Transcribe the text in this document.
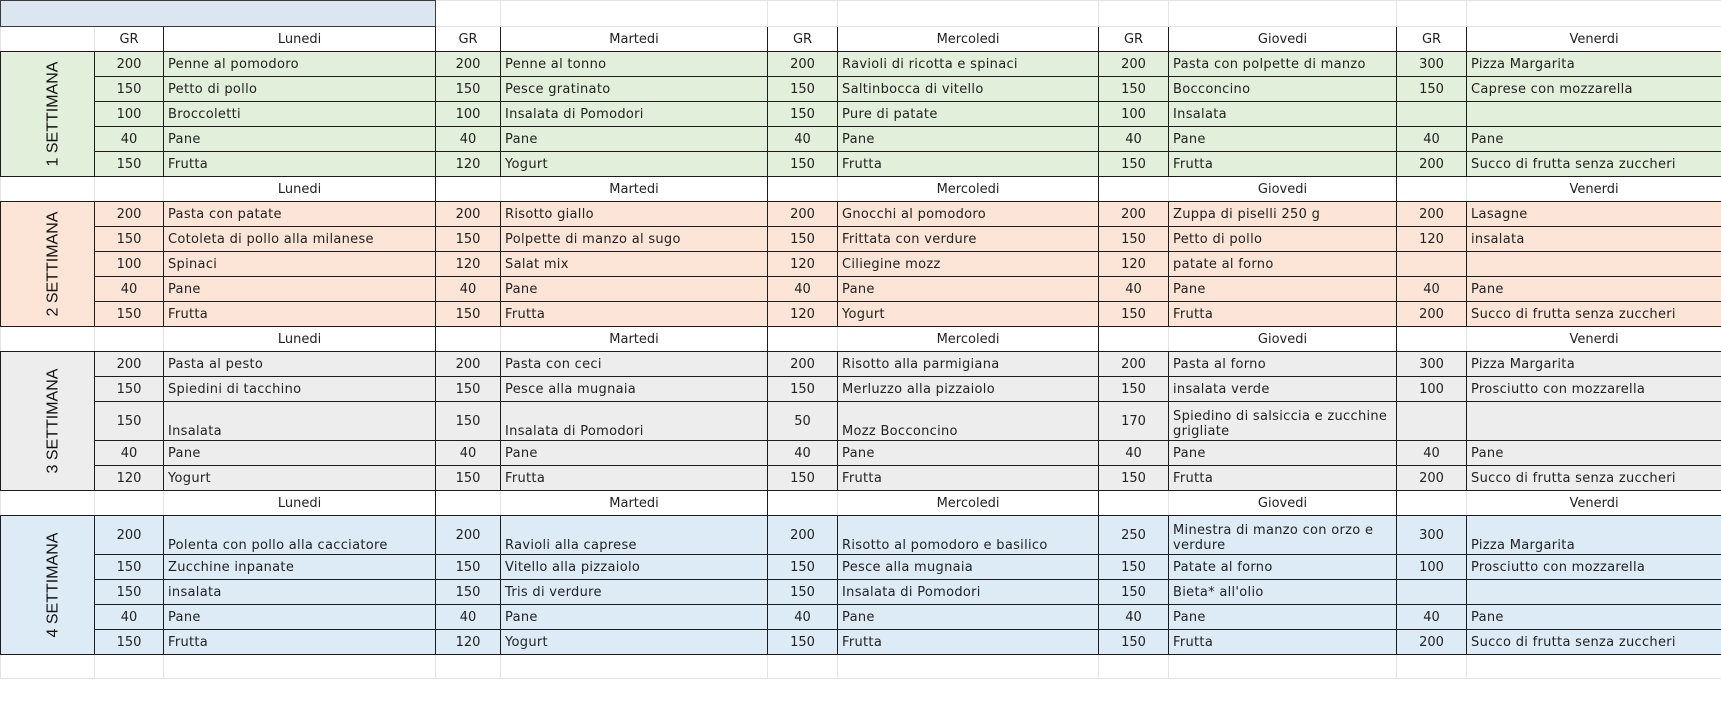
	GR	Lunedi	GR	Martedi	GR	Mercoledi	GR	Giovedi	GR	Venerdi
1 SETTIMANA	200	Penne al pomodoro	200	Penne al tonno	200	Ravioli di ricotta e spinaci	200	Pasta con polpette di manzo	300	Pizza Margarita
	150	Petto di pollo	150	Pesce gratinato	150	Saltinbocca di vitello	150	Bocconcino	150	Caprese con mozzarella
	100	Broccoletti	100	Insalata di Pomodori	150	Pure di patate	100	Insalata		
	40	Pane	40	Pane	40	Pane	40	Pane	40	Pane
	150	Frutta	120	Yogurt	150	Frutta	150	Frutta	200	Succo di frutta senza zuccheri
		Lunedi		Martedi		Mercoledi		Giovedi		Venerdi
2 SETTIMANA	200	Pasta con patate	200	Risotto giallo	200	Gnocchi al pomodoro	200	Zuppa di piselli 250 g	200	Lasagne
	150	Cotoleta di pollo alla milanese	150	Polpette di manzo al sugo	150	Frittata con verdure	150	Petto di pollo	120	insalata
	100	Spinaci	120	Salat mix	120	Ciliegine mozz	120	patate al forno		
	40	Pane	40	Pane	40	Pane	40	Pane	40	Pane
	150	Frutta	150	Frutta	120	Yogurt	150	Frutta	200	Succo di frutta senza zuccheri
		Lunedi		Martedi		Mercoledi		Giovedi		Venerdi
3 SETTIMANA	200	Pasta al pesto	200	Pasta con ceci	200	Risotto alla parmigiana	200	Pasta al forno	300	Pizza Margarita
	150	Spiedini di tacchino	150	Pesce alla mugnaia	150	Merluzzo alla pizzaiolo	150	insalata verde	100	Prosciutto con mozzarella
	150	Insalata	150	Insalata di Pomodori	50	Mozz Bocconcino	170	Spiedino di salsiccia e zucchine grigliate		
	40	Pane	40	Pane	40	Pane	40	Pane	40	Pane
	120	Yogurt	150	Frutta	150	Frutta	150	Frutta	200	Succo di frutta senza zuccheri
		Lunedi		Martedi		Mercoledi		Giovedi		Venerdi
4 SETTIMANA	200	Polenta con pollo alla cacciatore	200	Ravioli alla caprese	200	Risotto al pomodoro e basilico	250	Minestra di manzo con orzo e verdure	300	Pizza Margarita
	150	Zucchine inpanate	150	Vitello alla pizzaiolo	150	Pesce alla mugnaia	150	Patate al forno	100	Prosciutto con mozzarella
	150	insalata	150	Tris di verdure	150	Insalata di Pomodori	150	Bieta* all'olio		
	40	Pane	40	Pane	40	Pane	40	Pane	40	Pane
	150	Frutta	120	Yogurt	150	Frutta	150	Frutta	200	Succo di frutta senza zuccheri
